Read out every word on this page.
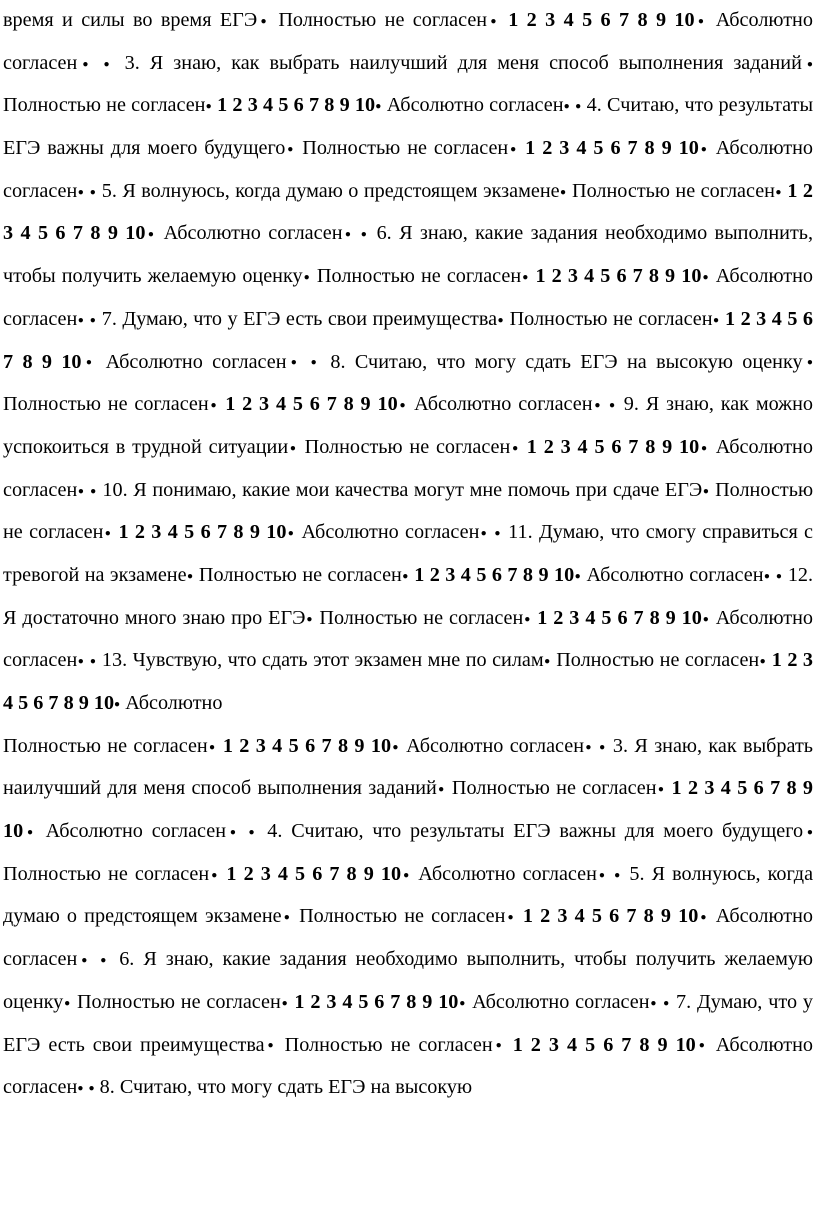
время и силы во время ЕГЭ ● Полностью не согласен ● 1 2 3 4 5 6 7 8 9 10● Абсолютно согласен ● ● 3. Я знаю, как выбрать наилучший для меня способ выполнения заданий● Полностью не согласен ● 1 2 3 4 5 6 7 8 9 10 ● Абсолютно согласен ● ● 4. Считаю, что результаты ЕГЭ важны для моего будущего● Полностью не согласен ● 1 2 3 4 5 6 7 8 9 10 ● Абсолютно согласен ● ● 5. Я волнуюсь, когда думаю о предстоящем экзамене ● Полностью не согласен ● 1 2 3 4 5 6 7 8 9 10 ● Абсолютно согласен ● ● 6. Я знаю, какие задания необходимо выполнить, чтобы получить желаемую оценку ● Полностью не согласен ● 1 2 3 4 5 6 7 8 9 10 ● Абсолютно согласен ● ● 7. Думаю, что у ЕГЭ есть свои преимущества● Полностью не согласен ● 1 2 3 4 5 6 7 8 9 10 ● Абсолютно согласен ● ● 8. Считаю, что могу сдать ЕГЭ на высокую оценку● Полностью не согласен ● 1 2 3 4 5 6 7 8 9 10 ● Абсолютно согласен ● ● 9. Я знаю, как можно успокоиться в трудной ситуации ● Полностью не согласен ● 1 2 3 4 5 6 7 8 9 10● Абсолютно согласен ● ● 10. Я понимаю, какие мои качества могут мне помочь при сдаче ЕГЭ ● Полностью не согласен ● 1 2 3 4 5 6 7 8 9 10 ● Абсолютно согласен● ● 11. Думаю, что смогу справиться с тревогой на экзамене ● Полностью не согласен ● 1 2 3 4 5 6 7 8 9 10 ● Абсолютно согласен ● ● 12. Я достаточно много знаю про ЕГЭ ● Полностью не согласен ● 1 2 3 4 5 6 7 8 9 10 ● Абсолютно согласен ● ● 13. Чувствую, что сдать этот экзамен мне по силам ● Полностью не согласен ● 1 2 3 4 5 6 7 8 9 10 ● Абсолютно
Полностью не согласен ● 1 2 3 4 5 6 7 8 9 10 ● Абсолютно согласен ● ● 3. Я знаю, как выбрать наилучший для меня способ выполнения заданий ● Полностью не согласен ● 1 2 3 4 5 6 7 8 9 10 ● Абсолютно согласен ● ● 4. Считаю, что результаты ЕГЭ важны для моего будущего● Полностью не согласен ● 1 2 3 4 5 6 7 8 9 10 ● Абсолютно согласен ● ● 5. Я волнуюсь, когда думаю о предстоящем экзамене ● Полностью не согласен ● 1 2 3 4 5 6 7 8 9 10 ● Абсолютно согласен● ● 6. Я знаю, какие задания необходимо выполнить, чтобы получить желаемую оценку● Полностью не согласен ● 1 2 3 4 5 6 7 8 9 10 ● Абсолютно согласен ● ● 7. Думаю, что у ЕГЭ есть свои преимущества ● Полностью не согласен ● 1 2 3 4 5 6 7 8 9 10 ● Абсолютно согласен ● ● 8. Считаю, что могу сдать ЕГЭ на высокую
